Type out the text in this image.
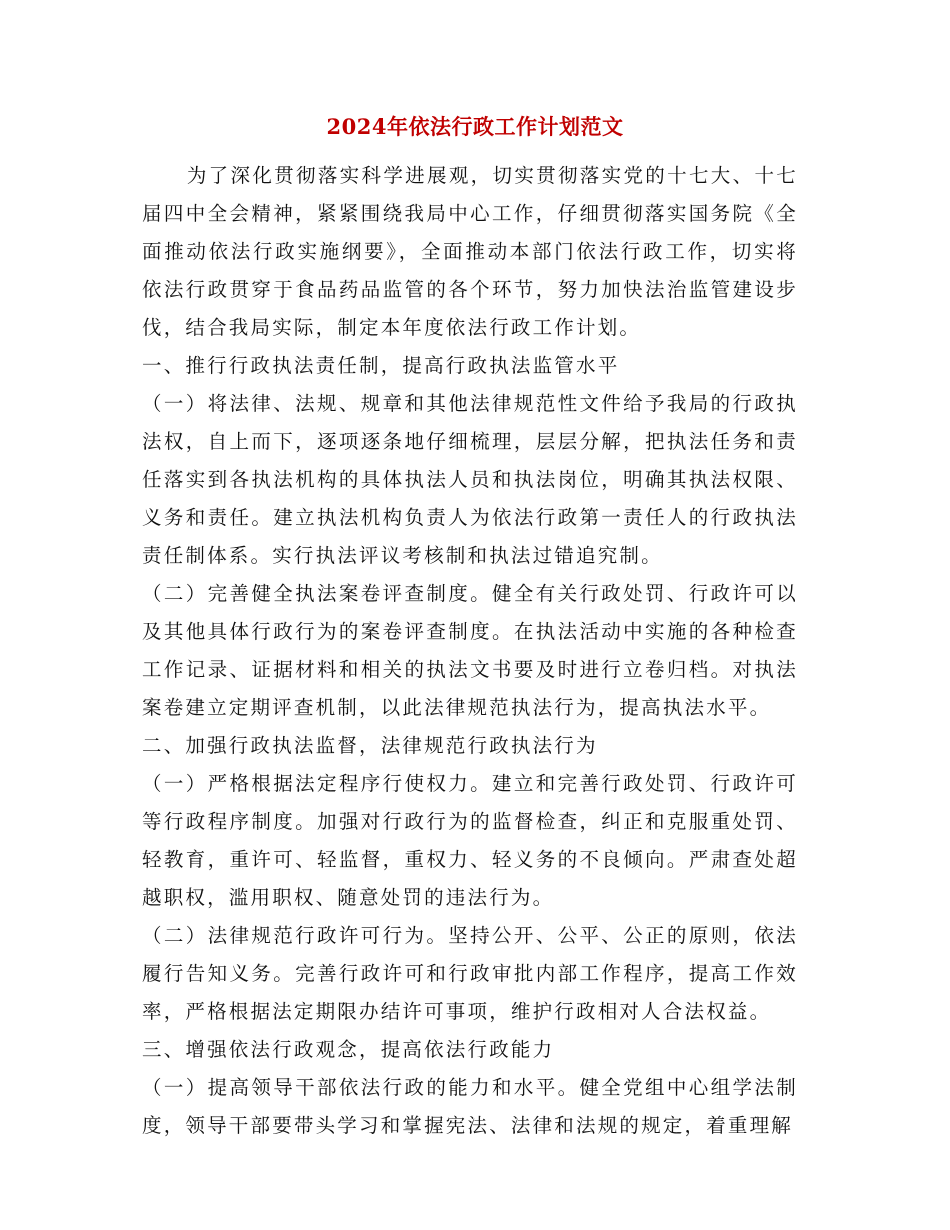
2024年依法行政工作计划范文

为了深化贯彻落实科学进展观，切实贯彻落实党的十七大、十七届四中全会精神，紧紧围绕我局中心工作，仔细贯彻落实国务院《全面推动依法行政实施纲要》，全面推动本部门依法行政工作，切实将依法行政贯穿于食品药品监管的各个环节，努力加快法治监管建设步伐，结合我局实际，制定本年度依法行政工作计划。

一、推行行政执法责任制，提高行政执法监管水平

（一）将法律、法规、规章和其他法律规范性文件给予我局的行政执法权，自上而下，逐项逐条地仔细梳理，层层分解，把执法任务和责任落实到各执法机构的具体执法人员和执法岗位，明确其执法权限、义务和责任。建立执法机构负责人为依法行政第一责任人的行政执法责任制体系。实行执法评议考核制和执法过错追究制。

（二）完善健全执法案卷评查制度。健全有关行政处罚、行政许可以及其他具体行政行为的案卷评查制度。在执法活动中实施的各种检查工作记录、证据材料和相关的执法文书要及时进行立卷归档。对执法案卷建立定期评查机制，以此法律规范执法行为，提高执法水平。

二、加强行政执法监督，法律规范行政执法行为

（一）严格根据法定程序行使权力。建立和完善行政处罚、行政许可等行政程序制度。加强对行政行为的监督检查，纠正和克服重处罚、轻教育，重许可、轻监督，重权力、轻义务的不良倾向。严肃查处超越职权，滥用职权、随意处罚的违法行为。

（二）法律规范行政许可行为。坚持公开、公平、公正的原则，依法履行告知义务。完善行政许可和行政审批内部工作程序，提高工作效率，严格根据法定期限办结许可事项，维护行政相对人合法权益。

三、增强依法行政观念，提高依法行政能力

（一）提高领导干部依法行政的能力和水平。健全党组中心组学法制度，领导干部要带头学习和掌握宪法、法律和法规的规定，着重理解
